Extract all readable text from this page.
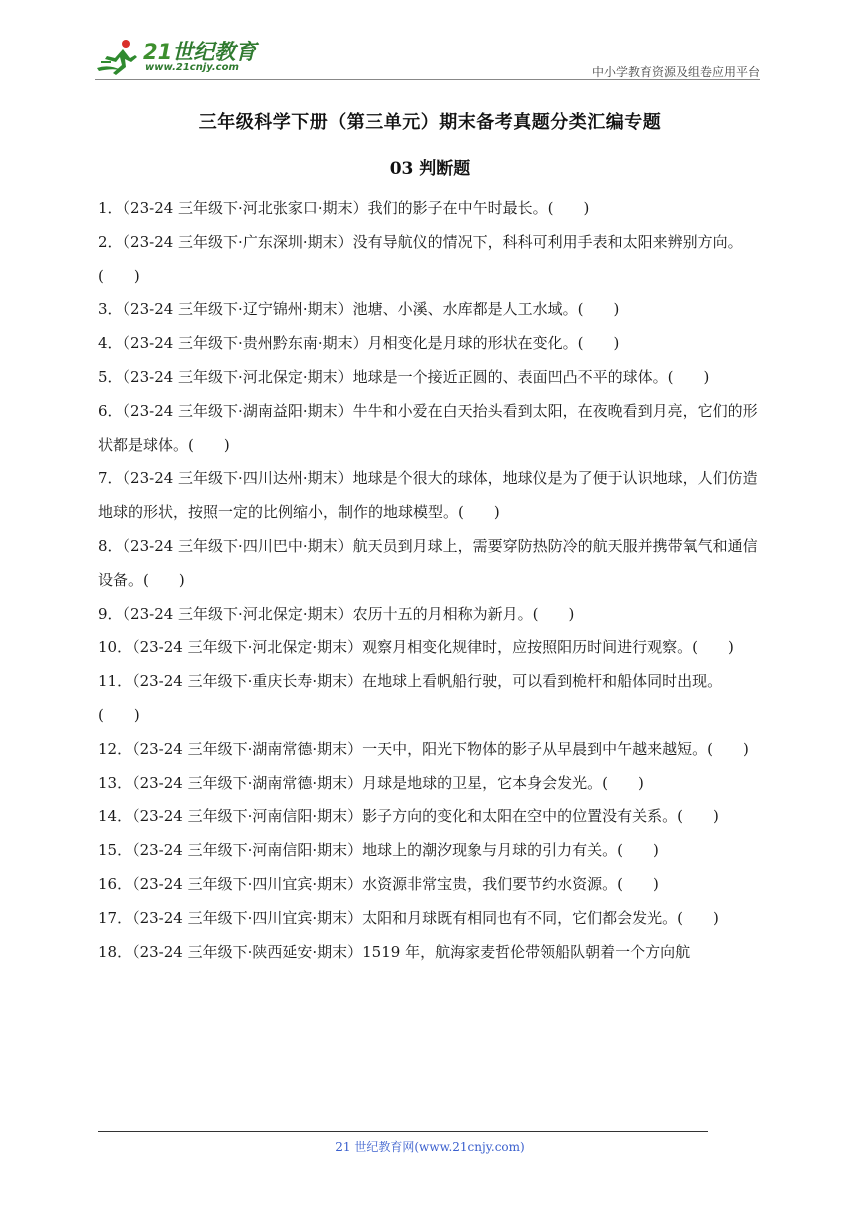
21世纪教育
www.21cnjy.com	中小学教育资源及组卷应用平台
三年级科学下册（第三单元）期末备考真题分类汇编专题
03 判断题

1．（23-24 三年级下·河北张家口·期末）我们的影子在中午时最长。(　　)

2．（23-24 三年级下·广东深圳·期末）没有导航仪的情况下，科科可利用手表和太阳来辨别方向。(　　)

3．（23-24 三年级下·辽宁锦州·期末）池塘、小溪、水库都是人工水域。(　　)

4．（23-24 三年级下·贵州黔东南·期末）月相变化是月球的形状在变化。(　　)

5．（23-24 三年级下·河北保定·期末）地球是一个接近正圆的、表面凹凸不平的球体。(　　)

6．（23-24 三年级下·湖南益阳·期末）牛牛和小爱在白天抬头看到太阳，在夜晚看到月亮，它们的形状都是球体。(　　)

7．（23-24 三年级下·四川达州·期末）地球是个很大的球体，地球仪是为了便于认识地球，人们仿造地球的形状，按照一定的比例缩小，制作的地球模型。(　　)

8．（23-24 三年级下·四川巴中·期末）航天员到月球上，需要穿防热防冷的航天服并携带氧气和通信设备。(　　)

9．（23-24 三年级下·河北保定·期末）农历十五的月相称为新月。(　　)

10．（23-24 三年级下·河北保定·期末）观察月相变化规律时，应按照阳历时间进行观察。(　　)

11．（23-24 三年级下·重庆长寿·期末）在地球上看帆船行驶，可以看到桅杆和船体同时出现。(　　)

12．（23-24 三年级下·湖南常德·期末）一天中，阳光下物体的影子从早晨到中午越来越短。(　　)

13．（23-24 三年级下·湖南常德·期末）月球是地球的卫星，它本身会发光。(　　)

14．（23-24 三年级下·河南信阳·期末）影子方向的变化和太阳在空中的位置没有关系。(　　)

15．（23-24 三年级下·河南信阳·期末）地球上的潮汐现象与月球的引力有关。(　　)

16．（23-24 三年级下·四川宜宾·期末）水资源非常宝贵，我们要节约水资源。(　　)

17．（23-24 三年级下·四川宜宾·期末）太阳和月球既有相同也有不同，它们都会发光。(　　)

18．（23-24 三年级下·陕西延安·期末）1519 年，航海家麦哲伦带领船队朝着一个方向航

21 世纪教育网(www.21cnjy.com)
